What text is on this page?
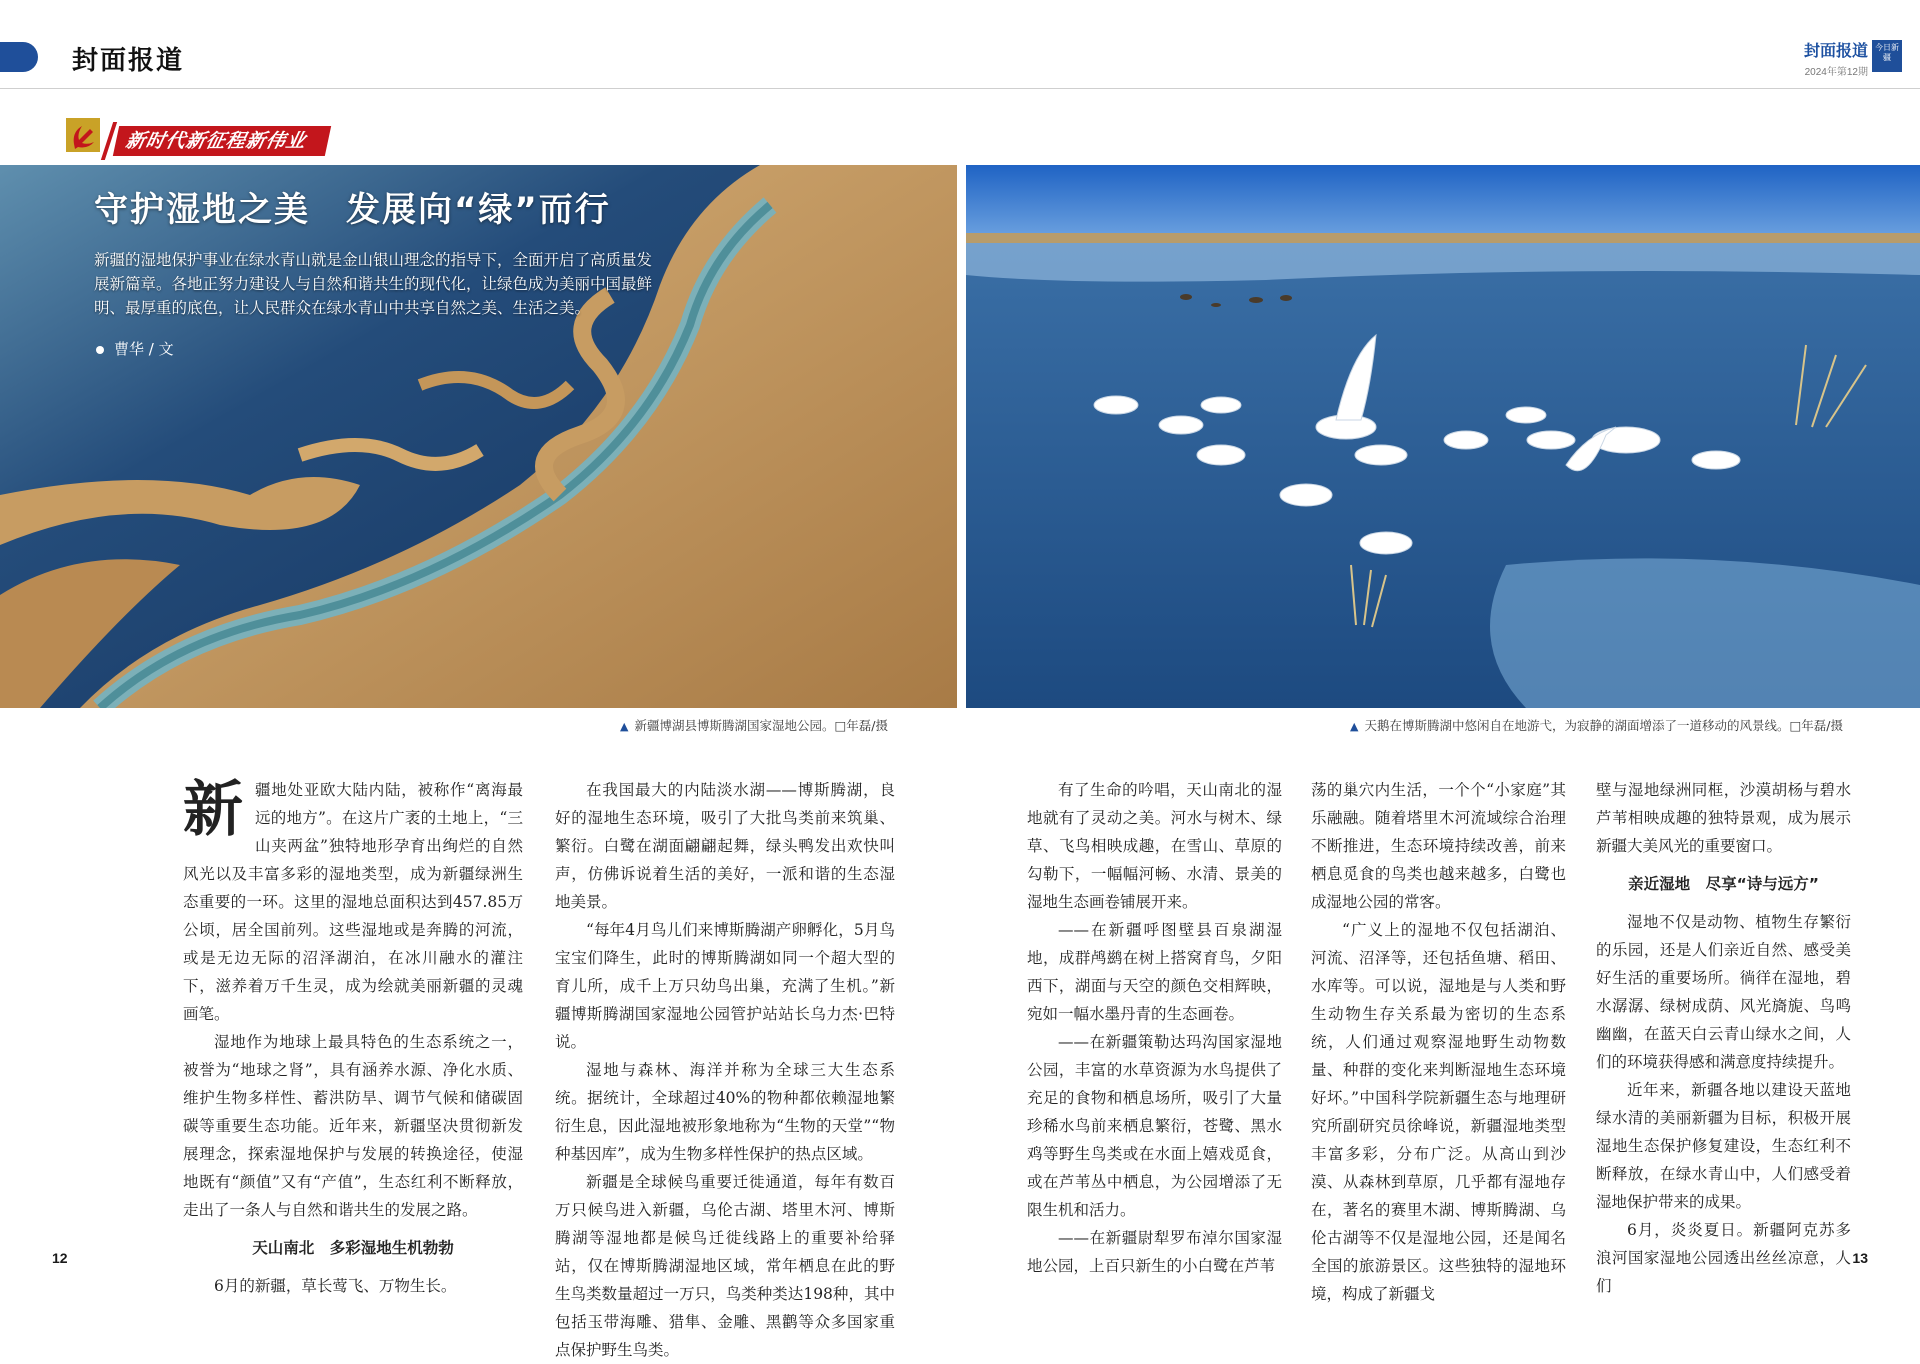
封面报道	封面报道
2024年第12期
今日新疆
新时代新征程新伟业
守护湿地之美　发展向“绿”而行
新疆的湿地保护事业在绿水青山就是金山银山理念的指导下，全面开启了高质量发展新篇章。各地正努力建设人与自然和谐共生的现代化，让绿色成为美丽中国最鲜明、最厚重的底色，让人民群众在绿水青山中共享自然之美、生活之美。
曹华 / 文
▲ 新疆博湖县博斯腾湖国家湿地公园。□年磊/摄	▲ 天鹅在博斯腾湖中悠闲自在地游弋，为寂静的湖面增添了一道移动的风景线。□年磊/摄
新 疆地处亚欧大陆内陆，被称作“离海最远的地方”。在这片广袤的土地上，“三山夹两盆”独特地形孕育出绚烂的自然风光以及丰富多彩的湿地类型，成为新疆绿洲生态重要的一环。这里的湿地总面积达到457.85万公顷，居全国前列。这些湿地或是奔腾的河流，或是无边无际的沼泽湖泊，在冰川融水的灌注下，滋养着万千生灵，成为绘就美丽新疆的灵魂画笔。

湿地作为地球上最具特色的生态系统之一，被誉为“地球之肾”，具有涵养水源、净化水质、维护生物多样性、蓄洪防旱、调节气候和储碳固碳等重要生态功能。近年来，新疆坚决贯彻新发展理念，探索湿地保护与发展的转换途径，使湿地既有“颜值”又有“产值”，生态红利不断释放，走出了一条人与自然和谐共生的发展之路。

天山南北　多彩湿地生机勃勃

6月的新疆，草长莺飞、万物生长。

在我国最大的内陆淡水湖——博斯腾湖，良好的湿地生态环境，吸引了大批鸟类前来筑巢、繁衍。白鹭在湖面翩翩起舞，绿头鸭发出欢快叫声，仿佛诉说着生活的美好，一派和谐的生态湿地美景。

“每年4月鸟儿们来博斯腾湖产卵孵化，5月鸟宝宝们降生，此时的博斯腾湖如同一个超大型的育儿所，成千上万只幼鸟出巢，充满了生机。”新疆博斯腾湖国家湿地公园管护站站长乌力杰·巴特说。

湿地与森林、海洋并称为全球三大生态系统。据统计，全球超过40%的物种都依赖湿地繁衍生息，因此湿地被形象地称为“生物的天堂”“物种基因库”，成为生物多样性保护的热点区域。

新疆是全球候鸟重要迁徙通道，每年有数百万只候鸟进入新疆，乌伦古湖、塔里木河、博斯腾湖等湿地都是候鸟迁徙线路上的重要补给驿站，仅在博斯腾湖湿地区域，常年栖息在此的野生鸟类数量超过一万只，鸟类种类达198种，其中包括玉带海雕、猎隼、金雕、黑鹳等众多国家重点保护野生鸟类。

有了生命的吟唱，天山南北的湿地就有了灵动之美。河水与树木、绿草、飞鸟相映成趣，在雪山、草原的勾勒下，一幅幅河畅、水清、景美的湿地生态画卷铺展开来。

——在新疆呼图壁县百泉湖湿地，成群鸬鹚在树上搭窝育鸟，夕阳西下，湖面与天空的颜色交相辉映，宛如一幅水墨丹青的生态画卷。

——在新疆策勒达玛沟国家湿地公园，丰富的水草资源为水鸟提供了充足的食物和栖息场所，吸引了大量珍稀水鸟前来栖息繁衍，苍鹭、黑水鸡等野生鸟类或在水面上嬉戏觅食，或在芦苇丛中栖息，为公园增添了无限生机和活力。

——在新疆尉犁罗布淖尔国家湿地公园，上百只新生的小白鹭在芦苇

荡的巢穴内生活，一个个“小家庭”其乐融融。随着塔里木河流域综合治理不断推进，生态环境持续改善，前来栖息觅食的鸟类也越来越多，白鹭也成湿地公园的常客。

“广义上的湿地不仅包括湖泊、河流、沼泽等，还包括鱼塘、稻田、水库等。可以说，湿地是与人类和野生动物生存关系最为密切的生态系统，人们通过观察湿地野生动物数量、种群的变化来判断湿地生态环境好坏。”中国科学院新疆生态与地理研究所副研究员徐峰说，新疆湿地类型丰富多彩，分布广泛。从高山到沙漠、从森林到草原，几乎都有湿地存在，著名的赛里木湖、博斯腾湖、乌伦古湖等不仅是湿地公园，还是闻名全国的旅游景区。这些独特的湿地环境，构成了新疆戈

壁与湿地绿洲同框，沙漠胡杨与碧水芦苇相映成趣的独特景观，成为展示新疆大美风光的重要窗口。

亲近湿地　尽享“诗与远方”

湿地不仅是动物、植物生存繁衍的乐园，还是人们亲近自然、感受美好生活的重要场所。徜徉在湿地，碧水潺潺、绿树成荫、风光旖旎、鸟鸣幽幽，在蓝天白云青山绿水之间，人们的环境获得感和满意度持续提升。

近年来，新疆各地以建设天蓝地绿水清的美丽新疆为目标，积极开展湿地生态保护修复建设，生态红利不断释放，在绿水青山中，人们感受着湿地保护带来的成果。

6月，炎炎夏日。新疆阿克苏多浪河国家湿地公园透出丝丝凉意，人们

12	13
